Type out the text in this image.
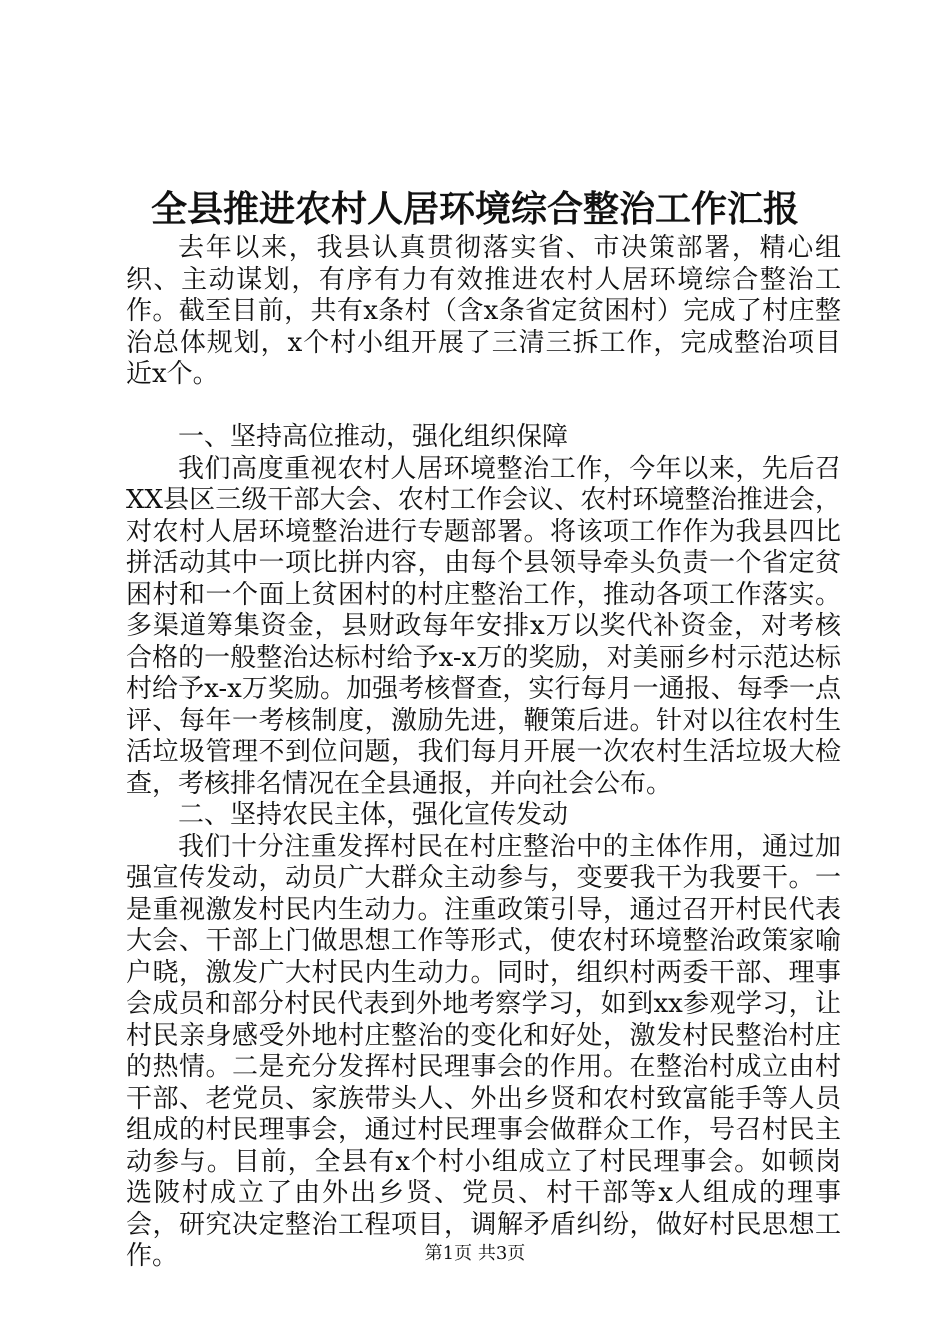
全县推进农村人居环境综合整治工作汇报

去年以来，我县认真贯彻落实省、市决策部署，精心组织、主动谋划，有序有力有效推进农村人居环境综合整治工作。截至目前，共有x条村（含x条省定贫困村）完成了村庄整治总体规划，x个村小组开展了三清三拆工作，完成整治项目近x个。

一、坚持高位推动，强化组织保障

我们高度重视农村人居环境整治工作，今年以来，先后召XX县区三级干部大会、农村工作会议、农村环境整治推进会，对农村人居环境整治进行专题部署。将该项工作作为我县四比拼活动其中一项比拼内容，由每个县领导牵头负责一个省定贫困村和一个面上贫困村的村庄整治工作，推动各项工作落实。多渠道筹集资金，县财政每年安排x万以奖代补资金，对考核合格的一般整治达标村给予x-x万的奖励，对美丽乡村示范达标村给予x-x万奖励。加强考核督查，实行每月一通报、每季一点评、每年一考核制度，激励先进，鞭策后进。针对以往农村生活垃圾管理不到位问题，我们每月开展一次农村生活垃圾大检查，考核排名情况在全县通报，并向社会公布。

二、坚持农民主体，强化宣传发动

我们十分注重发挥村民在村庄整治中的主体作用，通过加强宣传发动，动员广大群众主动参与，变要我干为我要干。一是重视激发村民内生动力。注重政策引导，通过召开村民代表大会、干部上门做思想工作等形式，使农村环境整治政策家喻户晓，激发广大村民内生动力。同时，组织村两委干部、理事会成员和部分村民代表到外地考察学习，如到xx参观学习，让村民亲身感受外地村庄整治的变化和好处，激发村民整治村庄的热情。二是充分发挥村民理事会的作用。在整治村成立由村干部、老党员、家族带头人、外出乡贤和农村致富能手等人员组成的村民理事会，通过村民理事会做群众工作，号召村民主动参与。目前，全县有x个村小组成立了村民理事会。如顿岗选陂村成立了由外出乡贤、党员、村干部等x人组成的理事会，研究决定整治工程项目，调解矛盾纠纷，做好村民思想工作。	第1页 共3页
